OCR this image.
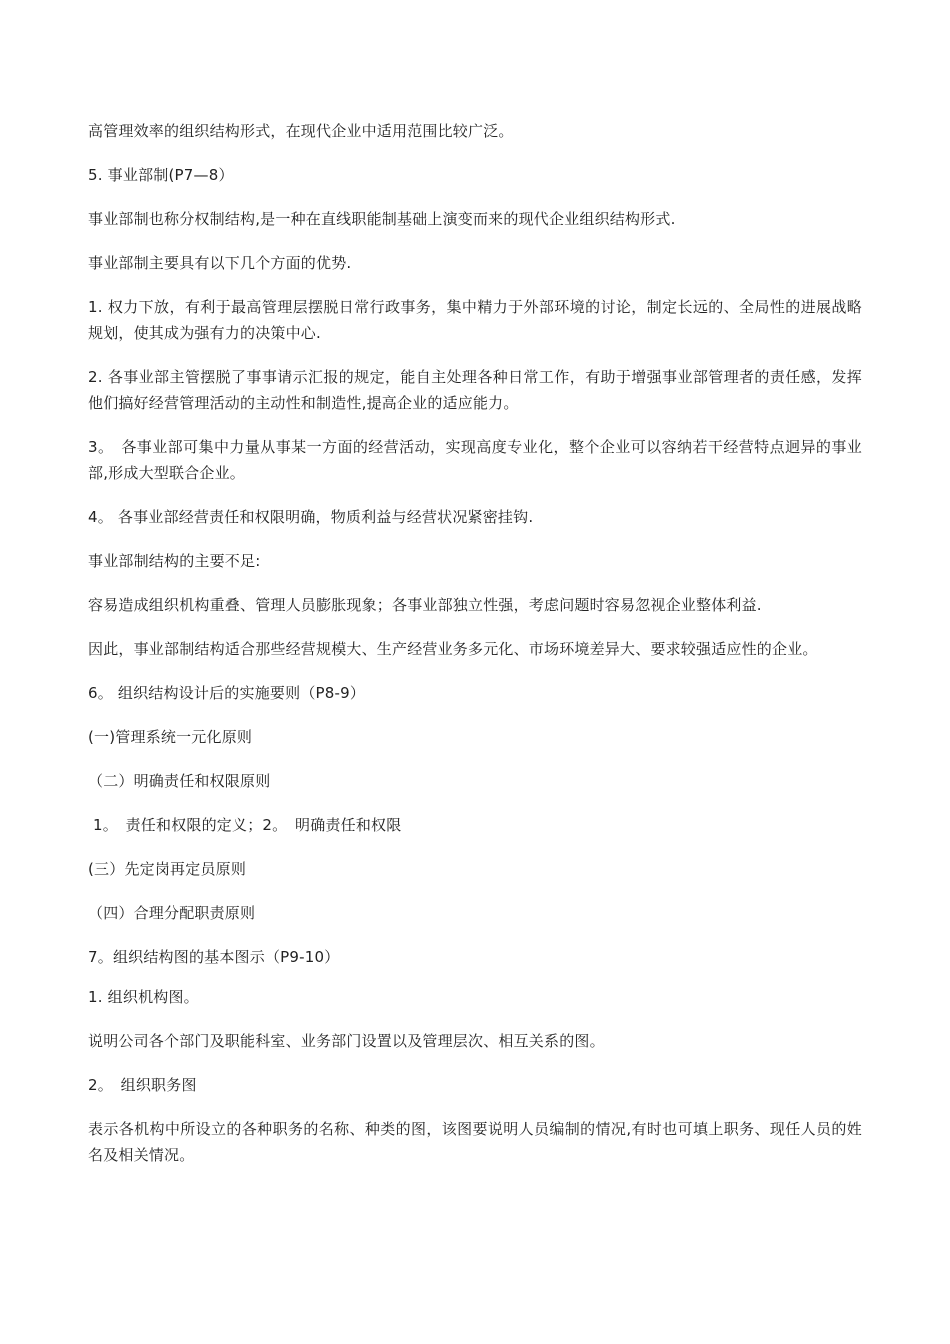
高管理效率的组织结构形式，在现代企业中适用范围比较广泛。

5. 事业部制(P7—8）

事业部制也称分权制结构,是一种在直线职能制基础上演变而来的现代企业组织结构形式.

事业部制主要具有以下几个方面的优势.

1. 权力下放，有利于最高管理层摆脱日常行政事务，集中精力于外部环境的讨论，制定长远的、全局性的进展战略规划，使其成为强有力的决策中心.

2. 各事业部主管摆脱了事事请示汇报的规定，能自主处理各种日常工作，有助于增强事业部管理者的责任感，发挥他们搞好经营管理活动的主动性和制造性,提高企业的适应能力。

3。　各事业部可集中力量从事某一方面的经营活动，实现高度专业化，整个企业可以容纳若干经营特点迥异的事业部,形成大型联合企业。

4。 各事业部经营责任和权限明确，物质利益与经营状况紧密挂钩.

事业部制结构的主要不足:

容易造成组织机构重叠、管理人员膨胀现象；各事业部独立性强，考虑问题时容易忽视企业整体利益.

因此，事业部制结构适合那些经营规模大、生产经营业务多元化、市场环境差异大、要求较强适应性的企业。

6。 组织结构设计后的实施要则（P8-9）

(一)管理系统一元化原则

（二）明确责任和权限原则

1。　责任和权限的定义；2。　明确责任和权限

(三）先定岗再定员原则

（四）合理分配职责原则

7。组织结构图的基本图示（P9-10）

1. 组织机构图。

说明公司各个部门及职能科室、业务部门设置以及管理层次、相互关系的图。

2。　组织职务图

表示各机构中所设立的各种职务的名称、种类的图，该图要说明人员编制的情况,有时也可填上职务、现任人员的姓名及相关情况。
